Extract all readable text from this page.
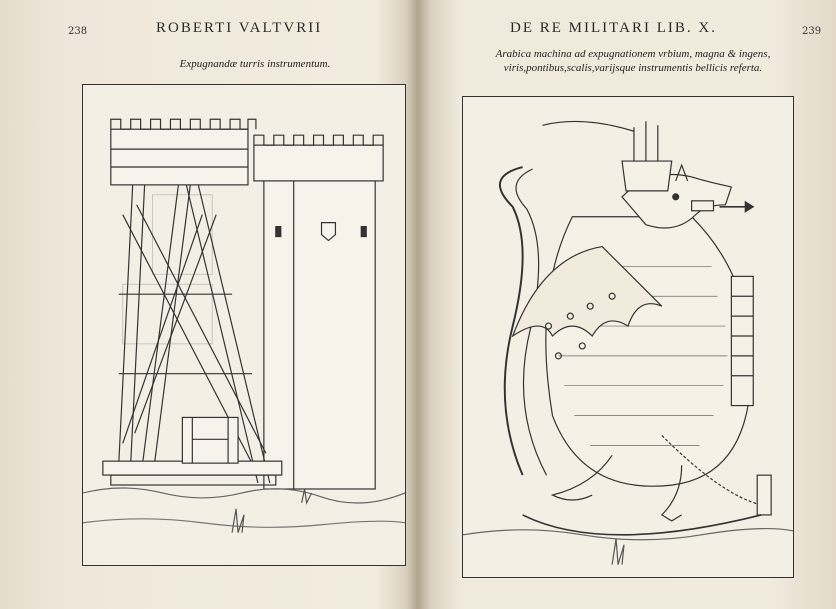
238	ROBERTI VALTVRII
Expugnandæ turris instrumentum.
DE RE MILITARI LIB. X.	239
Arabica machina ad expugnationem vrbium, magna & ingens,
viris,pontibus,scalis,varijsque instrumentis bellicis referta.
